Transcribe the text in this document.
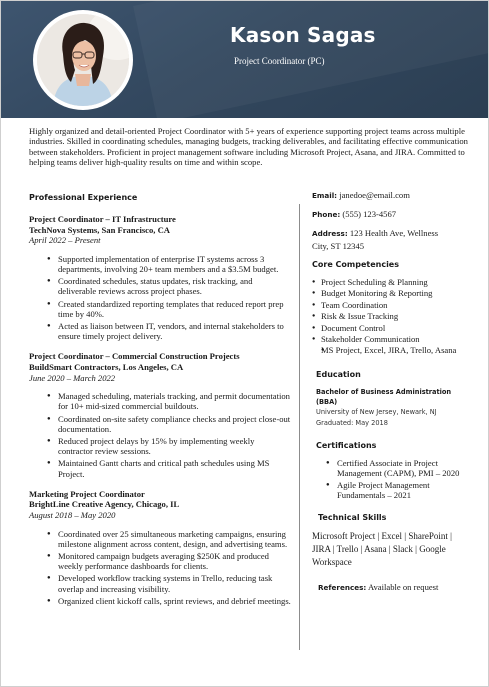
Kason Sagas
Project Coordinator (PC)
Highly organized and detail-oriented Project Coordinator with 5+ years of experience supporting project teams across multiple industries. Skilled in coordinating schedules, managing budgets, tracking deliverables, and facilitating effective communication between stakeholders. Proficient in project management software including Microsoft Project, Asana, and JIRA. Committed to helping teams deliver high-quality results on time and within scope.
Professional Experience
Project Coordinator – IT Infrastructure
TechNova Systems, San Francisco, CA
April 2022 – Present
● Supported implementation of enterprise IT systems across 3 departments, involving 20+ team members and a $3.5M budget.
● Coordinated schedules, status updates, risk tracking, and deliverable reviews across project phases.
● Created standardized reporting templates that reduced report prep time by 40%.
● Acted as liaison between IT, vendors, and internal stakeholders to ensure timely project delivery.
Project Coordinator – Commercial Construction Projects
BuildSmart Contractors, Los Angeles, CA
June 2020 – March 2022
● Managed scheduling, materials tracking, and permit documentation for 10+ mid-sized commercial buildouts.
● Coordinated on-site safety compliance checks and project close-out documentation.
● Reduced project delays by 15% by implementing weekly contractor review sessions.
● Maintained Gantt charts and critical path schedules using MS Project.
Marketing Project Coordinator
BrightLine Creative Agency, Chicago, IL
August 2018 – May 2020
● Coordinated over 25 simultaneous marketing campaigns, ensuring milestone alignment across content, design, and advertising teams.
● Monitored campaign budgets averaging $250K and produced weekly performance dashboards for clients.
● Developed workflow tracking systems in Trello, reducing task overlap and increasing visibility.
● Organized client kickoff calls, sprint reviews, and debrief meetings.
Email: janedoe@email.com
Phone: (555) 123-4567
Address: 123 Health Ave, Wellness
City, ST 12345
Core Competencies
● Project Scheduling & Planning
● Budget Monitoring & Reporting
● Team Coordination
● Risk & Issue Tracking
● Document Control
● Stakeholder Communication
● MS Project, Excel, JIRA, Trello, Asana
Education
Bachelor of Business Administration
(BBA)
University of New Jersey, Newark, NJ
Graduated: May 2018
Certifications
● Certified Associate in Project Management (CAPM), PMI – 2020
● Agile Project Management Fundamentals – 2021
Technical Skills
Microsoft Project | Excel | SharePoint | JIRA | Trello | Asana | Slack | Google Workspace
References: Available on request
